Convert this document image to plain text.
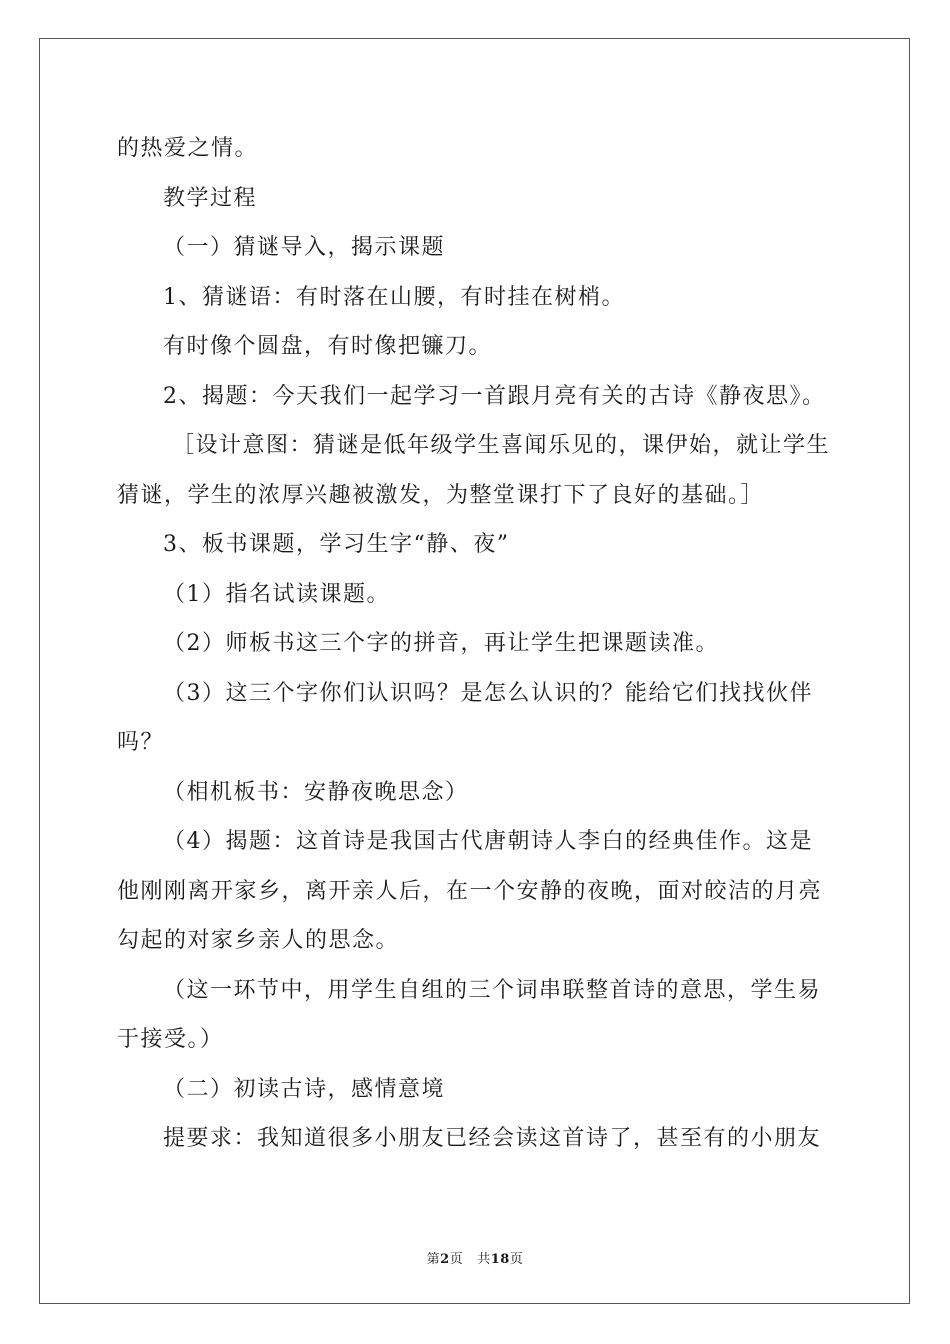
的热爱之情。
教学过程
（一）猜谜导入，揭示课题
1、猜谜语：有时落在山腰，有时挂在树梢。
有时像个圆盘，有时像把镰刀。
2、揭题：今天我们一起学习一首跟月亮有关的古诗《静夜思》。
［设计意图：猜谜是低年级学生喜闻乐见的，课伊始，就让学生
猜谜，学生的浓厚兴趣被激发，为整堂课打下了良好的基础。］
3、板书课题，学习生字“静、夜”
（1）指名试读课题。
（2）师板书这三个字的拼音，再让学生把课题读准。
（3）这三个字你们认识吗？是怎么认识的？能给它们找找伙伴
吗？
（相机板书：安静夜晚思念）
（4）揭题：这首诗是我国古代唐朝诗人李白的经典佳作。这是
他刚刚离开家乡，离开亲人后，在一个安静的夜晚，面对皎洁的月亮
勾起的对家乡亲人的思念。
（这一环节中，用学生自组的三个词串联整首诗的意思，学生易
于接受。）
（二）初读古诗，感情意境
提要求：我知道很多小朋友已经会读这首诗了，甚至有的小朋友
第2页 共18页
